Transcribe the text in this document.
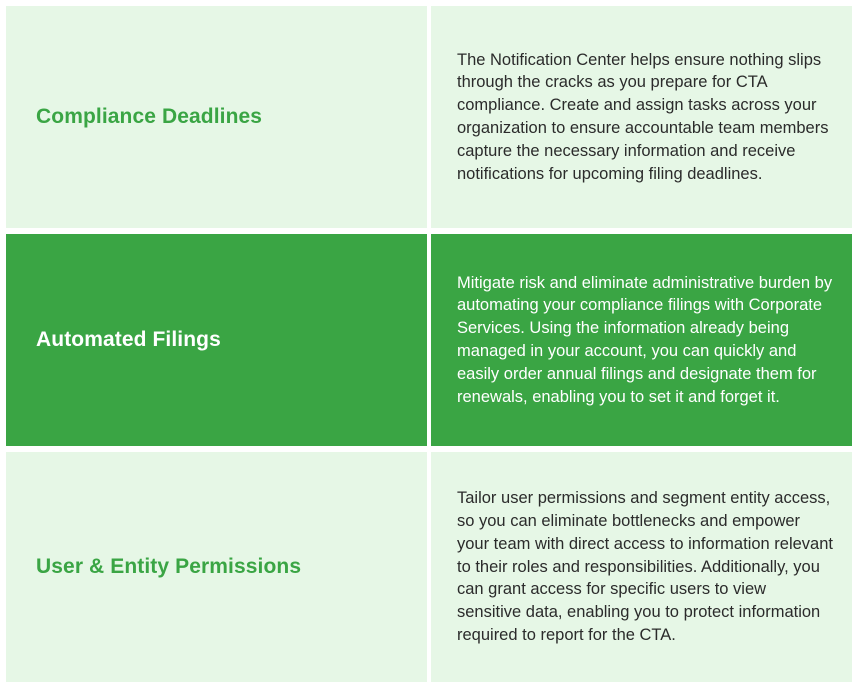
Compliance Deadlines

The Notification Center helps ensure nothing slips through the cracks as you prepare for CTA compliance. Create and assign tasks across your organization to ensure accountable team members capture the necessary information and receive notifications for upcoming filing deadlines.

Automated Filings

Mitigate risk and eliminate administrative burden by automating your compliance filings with Corporate Services. Using the information already being managed in your account, you can quickly and easily order annual filings and designate them for renewals, enabling you to set it and forget it.

User & Entity Permissions

Tailor user permissions and segment entity access, so you can eliminate bottlenecks and empower your team with direct access to information relevant to their roles and responsibilities. Additionally, you can grant access for specific users to view sensitive data, enabling you to protect information required to report for the CTA.
